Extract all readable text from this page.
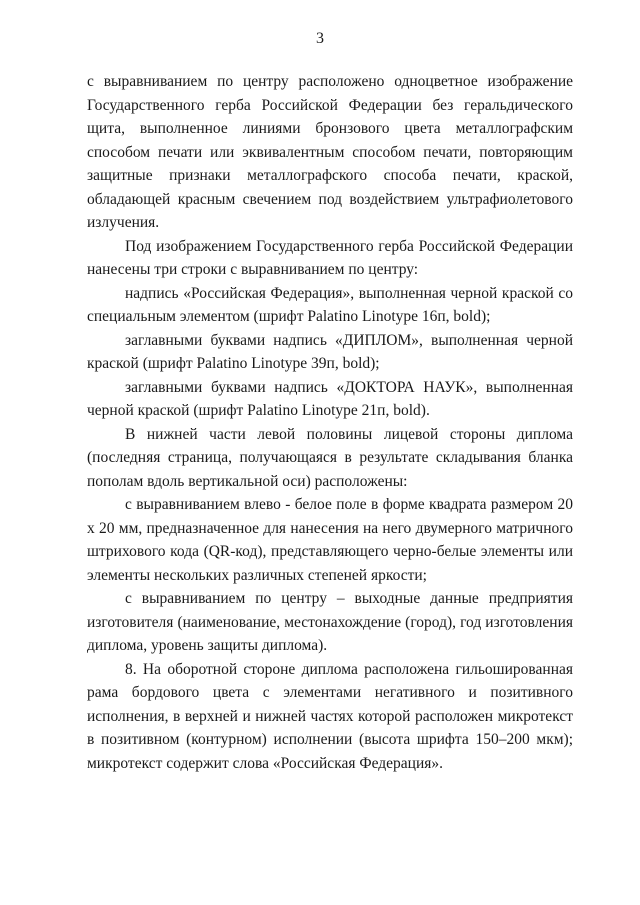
3

с выравниванием по центру расположено одноцветное изображение Государственного герба Российской Федерации без геральдического щита, выполненное линиями бронзового цвета металлографским способом печати или эквивалентным способом печати, повторяющим защитные признаки металлографского способа печати, краской, обладающей красным свечением под воздействием ультрафиолетового излучения.

Под изображением Государственного герба Российской Федерации нанесены три строки с выравниванием по центру:

надпись «Российская Федерация», выполненная черной краской со специальным элементом (шрифт Palatino Linotype 16п, bold);

заглавными буквами надпись «ДИПЛОМ», выполненная черной краской (шрифт Palatino Linotype 39п, bold);

заглавными буквами надпись «ДОКТОРА НАУК», выполненная черной краской (шрифт Palatino Linotype 21п, bold).

В нижней части левой половины лицевой стороны диплома (последняя страница, получающаяся в результате складывания бланка пополам вдоль вертикальной оси) расположены:

с выравниванием влево - белое поле в форме квадрата размером 20 х 20 мм, предназначенное для нанесения на него двумерного матричного штрихового кода (QR-код), представляющего черно-белые элементы или элементы нескольких различных степеней яркости;

с выравниванием по центру – выходные данные предприятия изготовителя (наименование, местонахождение (город), год изготовления диплома, уровень защиты диплома).

8. На оборотной стороне диплома расположена гильошированная рама бордового цвета с элементами негативного и позитивного исполнения, в верхней и нижней частях которой расположен микротекст в позитивном (контурном) исполнении (высота шрифта 150–200 мкм); микротекст содержит слова «Российская Федерация».
